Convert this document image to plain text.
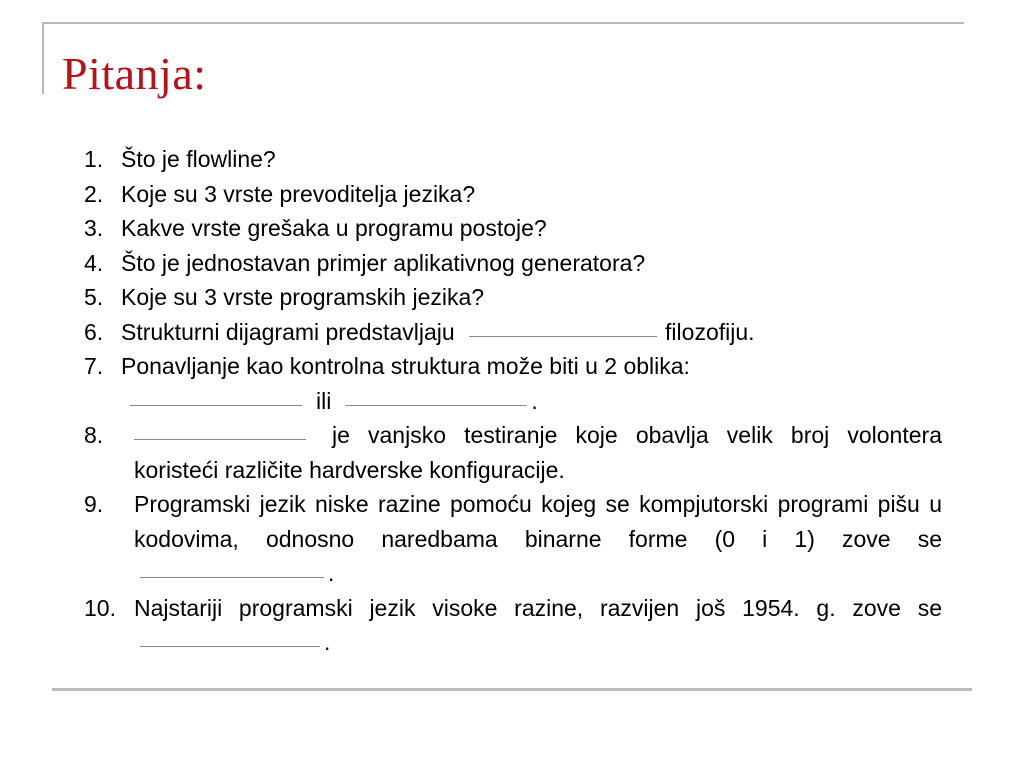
Pitanja:
1. Što je flowline?
2. Koje su 3 vrste prevoditelja jezika?
3. Kakve vrste grešaka u programu postoje?
4. Što je jednostavan primjer aplikativnog generatora?
5. Koje su 3 vrste programskih jezika?
6. Strukturni dijagrami predstavljaju	filozofiju.
7. Ponavljanje kao kontrolna struktura može biti u 2 oblika:
ili	.
8.	je vanjsko testiranje koje obavlja velik broj volontera koristeći različite hardverske konfiguracije.
9. Programski jezik niske razine pomoću kojeg se kompjutorski programi pišu u kodovima, odnosno naredbama binarne forme (0 i 1) zove se .
10. Najstariji programski jezik visoke razine, razvijen još 1954. g. zove se .
